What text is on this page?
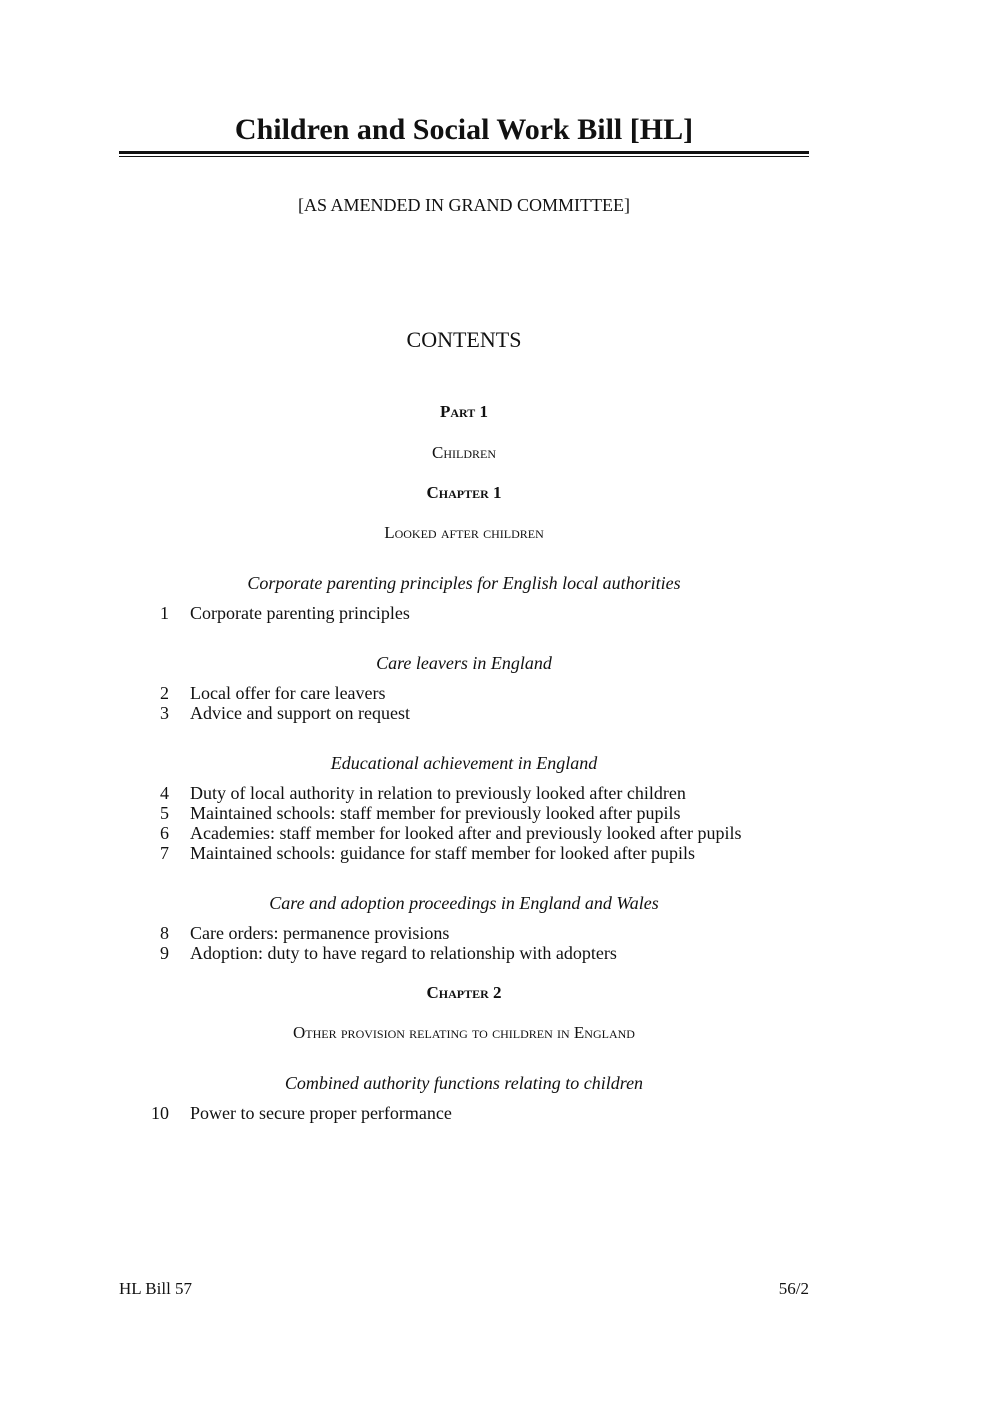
Children and Social Work Bill [HL]
[AS AMENDED IN GRAND COMMITTEE]
CONTENTS
Part 1
Children
Chapter 1
Looked after children
Corporate parenting principles for English local authorities
1 Corporate parenting principles
Care leavers in England
2 Local offer for care leavers
3 Advice and support on request
Educational achievement in England
4 Duty of local authority in relation to previously looked after children
5 Maintained schools: staff member for previously looked after pupils
6 Academies: staff member for looked after and previously looked after pupils
7 Maintained schools: guidance for staff member for looked after pupils
Care and adoption proceedings in England and Wales
8 Care orders: permanence provisions
9 Adoption: duty to have regard to relationship with adopters
Chapter 2
Other provision relating to children in England
Combined authority functions relating to children
10 Power to secure proper performance
HL Bill 57	56/2
